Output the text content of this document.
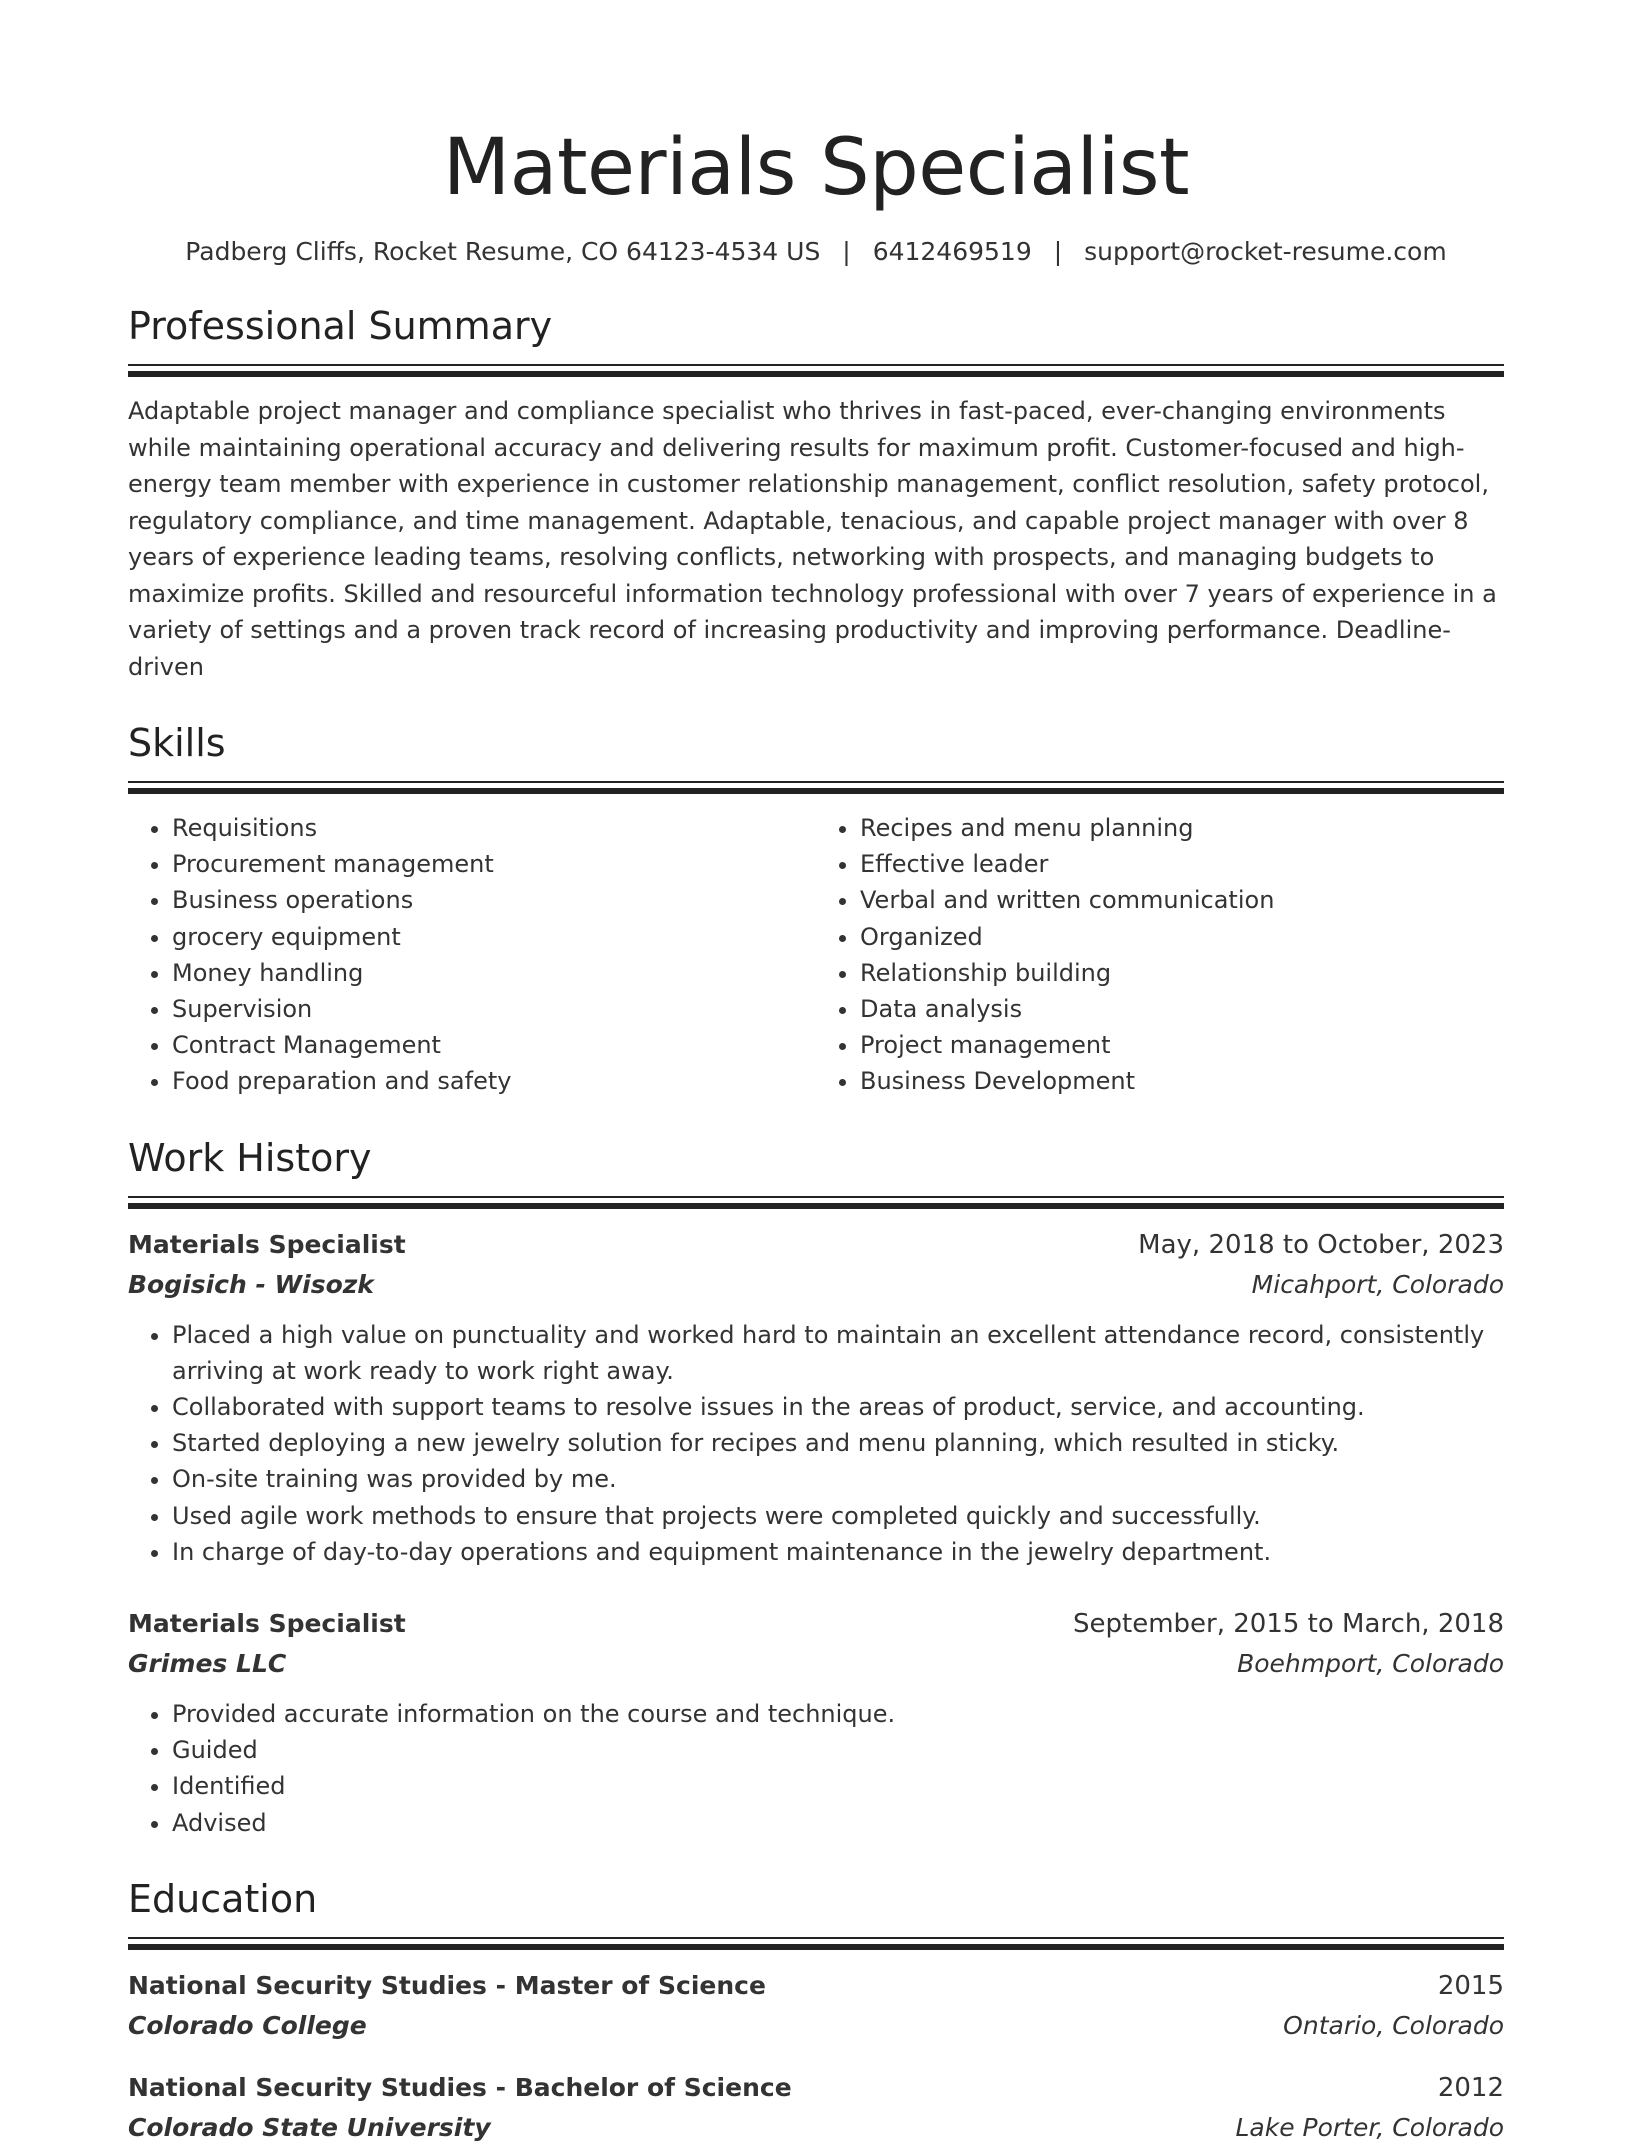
Materials Specialist
Padberg Cliffs, Rocket Resume, CO 64123-4534 US | 6412469519 | support@rocket-resume.com
Professional Summary
Adaptable project manager and compliance specialist who thrives in fast-paced, ever-changing environments while maintaining operational accuracy and delivering results for maximum profit. Customer-focused and high-energy team member with experience in customer relationship management, conflict resolution, safety protocol, regulatory compliance, and time management. Adaptable, tenacious, and capable project manager with over 8 years of experience leading teams, resolving conflicts, networking with prospects, and managing budgets to maximize profits. Skilled and resourceful information technology professional with over 7 years of experience in a variety of settings and a proven track record of increasing productivity and improving performance. Deadline-driven
Skills
• Requisitions
• Procurement management
• Business operations
• grocery equipment
• Money handling
• Supervision
• Contract Management
• Food preparation and safety
• Recipes and menu planning
• Effective leader
• Verbal and written communication
• Organized
• Relationship building
• Data analysis
• Project management
• Business Development
Work History
Materials Specialist	May, 2018 to October, 2023
Bogisich - Wisozk	Micahport, Colorado
• Placed a high value on punctuality and worked hard to maintain an excellent attendance record, consistently arriving at work ready to work right away.
• Collaborated with support teams to resolve issues in the areas of product, service, and accounting.
• Started deploying a new jewelry solution for recipes and menu planning, which resulted in sticky.
• On-site training was provided by me.
• Used agile work methods to ensure that projects were completed quickly and successfully.
• In charge of day-to-day operations and equipment maintenance in the jewelry department.
Materials Specialist	September, 2015 to March, 2018
Grimes LLC	Boehmport, Colorado
• Provided accurate information on the course and technique.
• Guided
• Identified
• Advised
Education
National Security Studies - Master of Science	2015
Colorado College	Ontario, Colorado
National Security Studies - Bachelor of Science	2012
Colorado State University	Lake Porter, Colorado
